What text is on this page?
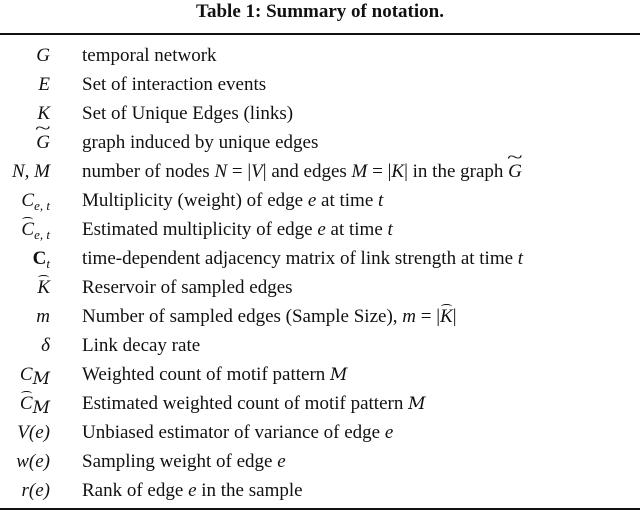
Table 1: Summary of notation.
G temporal network
E Set of interaction events
K Set of Unique Edges (links)
~ G graph induced by unique edges
N, M number of nodes N = |V| and edges M = |K| in the graph ~ G
$C_{e, t}$ Multiplicity (weight) of edge e at time t
$C_{e, t}$ Estimated multiplicity of edge e at time t
$C_t$ time-dependent adjacency matrix of link strength at time t
K Reservoir of sampled edges
m Number of sampled edges (Sample Size), m = |K|
δ Link decay rate
CM Weighted count of motif pattern M
CM Estimated weighted count of motif pattern M
V(e) Unbiased estimator of variance of edge e
w(e) Sampling weight of edge e
r(e) Rank of edge e in the sample
